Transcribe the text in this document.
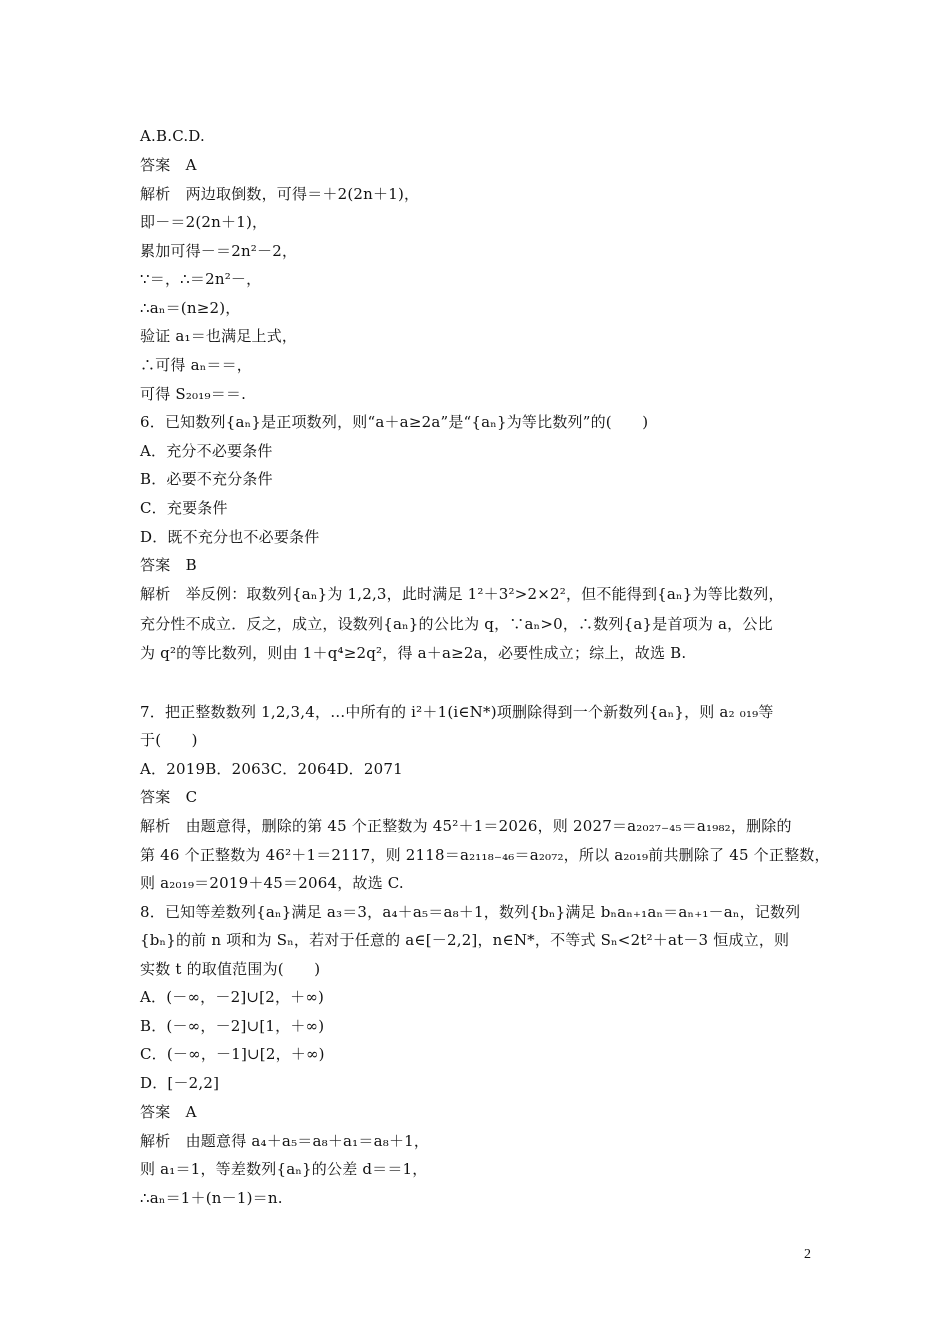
A.B.C.D.
答案　A
解析　两边取倒数，可得＝＋2(2n＋1)，
即－＝2(2n＋1)，
累加可得－＝2n²－2，
∵＝，∴＝2n²－，
∴aₙ＝(n≥2)，
验证 a₁＝也满足上式，
∴可得 aₙ＝＝，
可得 S₂₀₁₉＝＝.
6．已知数列{aₙ}是正项数列，则“a＋a≥2a”是“{aₙ}为等比数列”的(　　)
A．充分不必要条件
B．必要不充分条件
C．充要条件
D．既不充分也不必要条件
答案　B
解析　举反例：取数列{aₙ}为 1,2,3，此时满足 1²＋3²>2×2²，但不能得到{aₙ}为等比数列，
充分性不成立．反之，成立，设数列{aₙ}的公比为 q，∵aₙ>0，∴数列{a}是首项为 a，公比
为 q²的等比数列，则由 1＋q⁴≥2q²，得 a＋a≥2a，必要性成立；综上，故选 B.
7．把正整数数列 1,2,3,4，…中所有的 i²＋1(i∈N*)项删除得到一个新数列{aₙ}，则 a₂ ₀₁₉等
于(　　)
A．2019B．2063C．2064D．2071
答案　C
解析　由题意得，删除的第 45 个正整数为 45²＋1＝2026，则 2027＝a₂₀₂₇₋₄₅＝a₁₉₈₂，删除的
第 46 个正整数为 46²＋1＝2117，则 2118＝a₂₁₁₈₋₄₆＝a₂₀₇₂，所以 a₂₀₁₉前共删除了 45 个正整数，
则 a₂₀₁₉＝2019＋45＝2064，故选 C.
8．已知等差数列{aₙ}满足 a₃＝3，a₄＋a₅＝a₈＋1，数列{bₙ}满足 bₙaₙ₊₁aₙ＝aₙ₊₁－aₙ，记数列
{bₙ}的前 n 项和为 Sₙ，若对于任意的 a∈[－2,2]，n∈N*，不等式 Sₙ<2t²＋at－3 恒成立，则
实数 t 的取值范围为(　　)
A．(－∞，－2]∪[2，＋∞)
B．(－∞，－2]∪[1，＋∞)
C．(－∞，－1]∪[2，＋∞)
D．[－2,2]
答案　A
解析　由题意得 a₄＋a₅＝a₈＋a₁＝a₈＋1，
则 a₁＝1，等差数列{aₙ}的公差 d＝＝1，
∴aₙ＝1＋(n－1)＝n.
2
